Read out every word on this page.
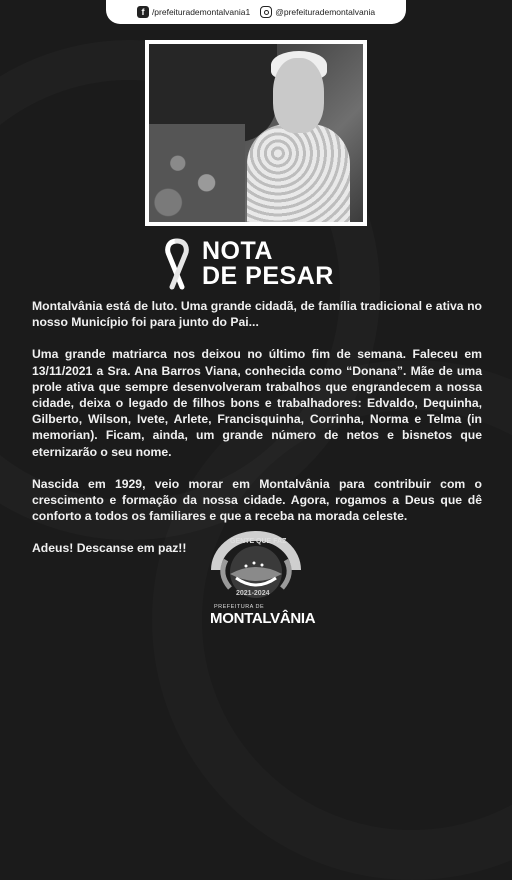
f /prefeiturademontalvania1	@prefeiturademontalvania
NOTA
DE PESAR

Montalvânia está de luto. Uma grande cidadã, de família tradicional e ativa no nosso Município foi para junto do Pai...

Uma grande matriarca nos deixou no último fim de semana. Faleceu em 13/11/2021 a Sra. Ana Barros Viana, conhecida como “Donana”. Mãe de uma prole ativa que sempre desenvolveram trabalhos que engrandecem a nossa cidade, deixa o legado de filhos bons e trabalhadores: Edvaldo, Dequinha, Gilberto, Wilson, Ivete, Arlete, Francisquinha, Corrinha, Norma e Telma (in memorian). Ficam, ainda, um grande número de netos e bisnetos que eternizarão o seu nome.

Nascida em 1929, veio morar em Montalvânia para contribuir com o crescimento e formação da nossa cidade. Agora, rogamos a Deus que dê conforto a todos os familiares e que a receba na morada celeste.

Adeus! Descanse em paz!!	GENTE QUE FAZ
2021-2024
PREFEITURA DE
MONTALVÂNIA
